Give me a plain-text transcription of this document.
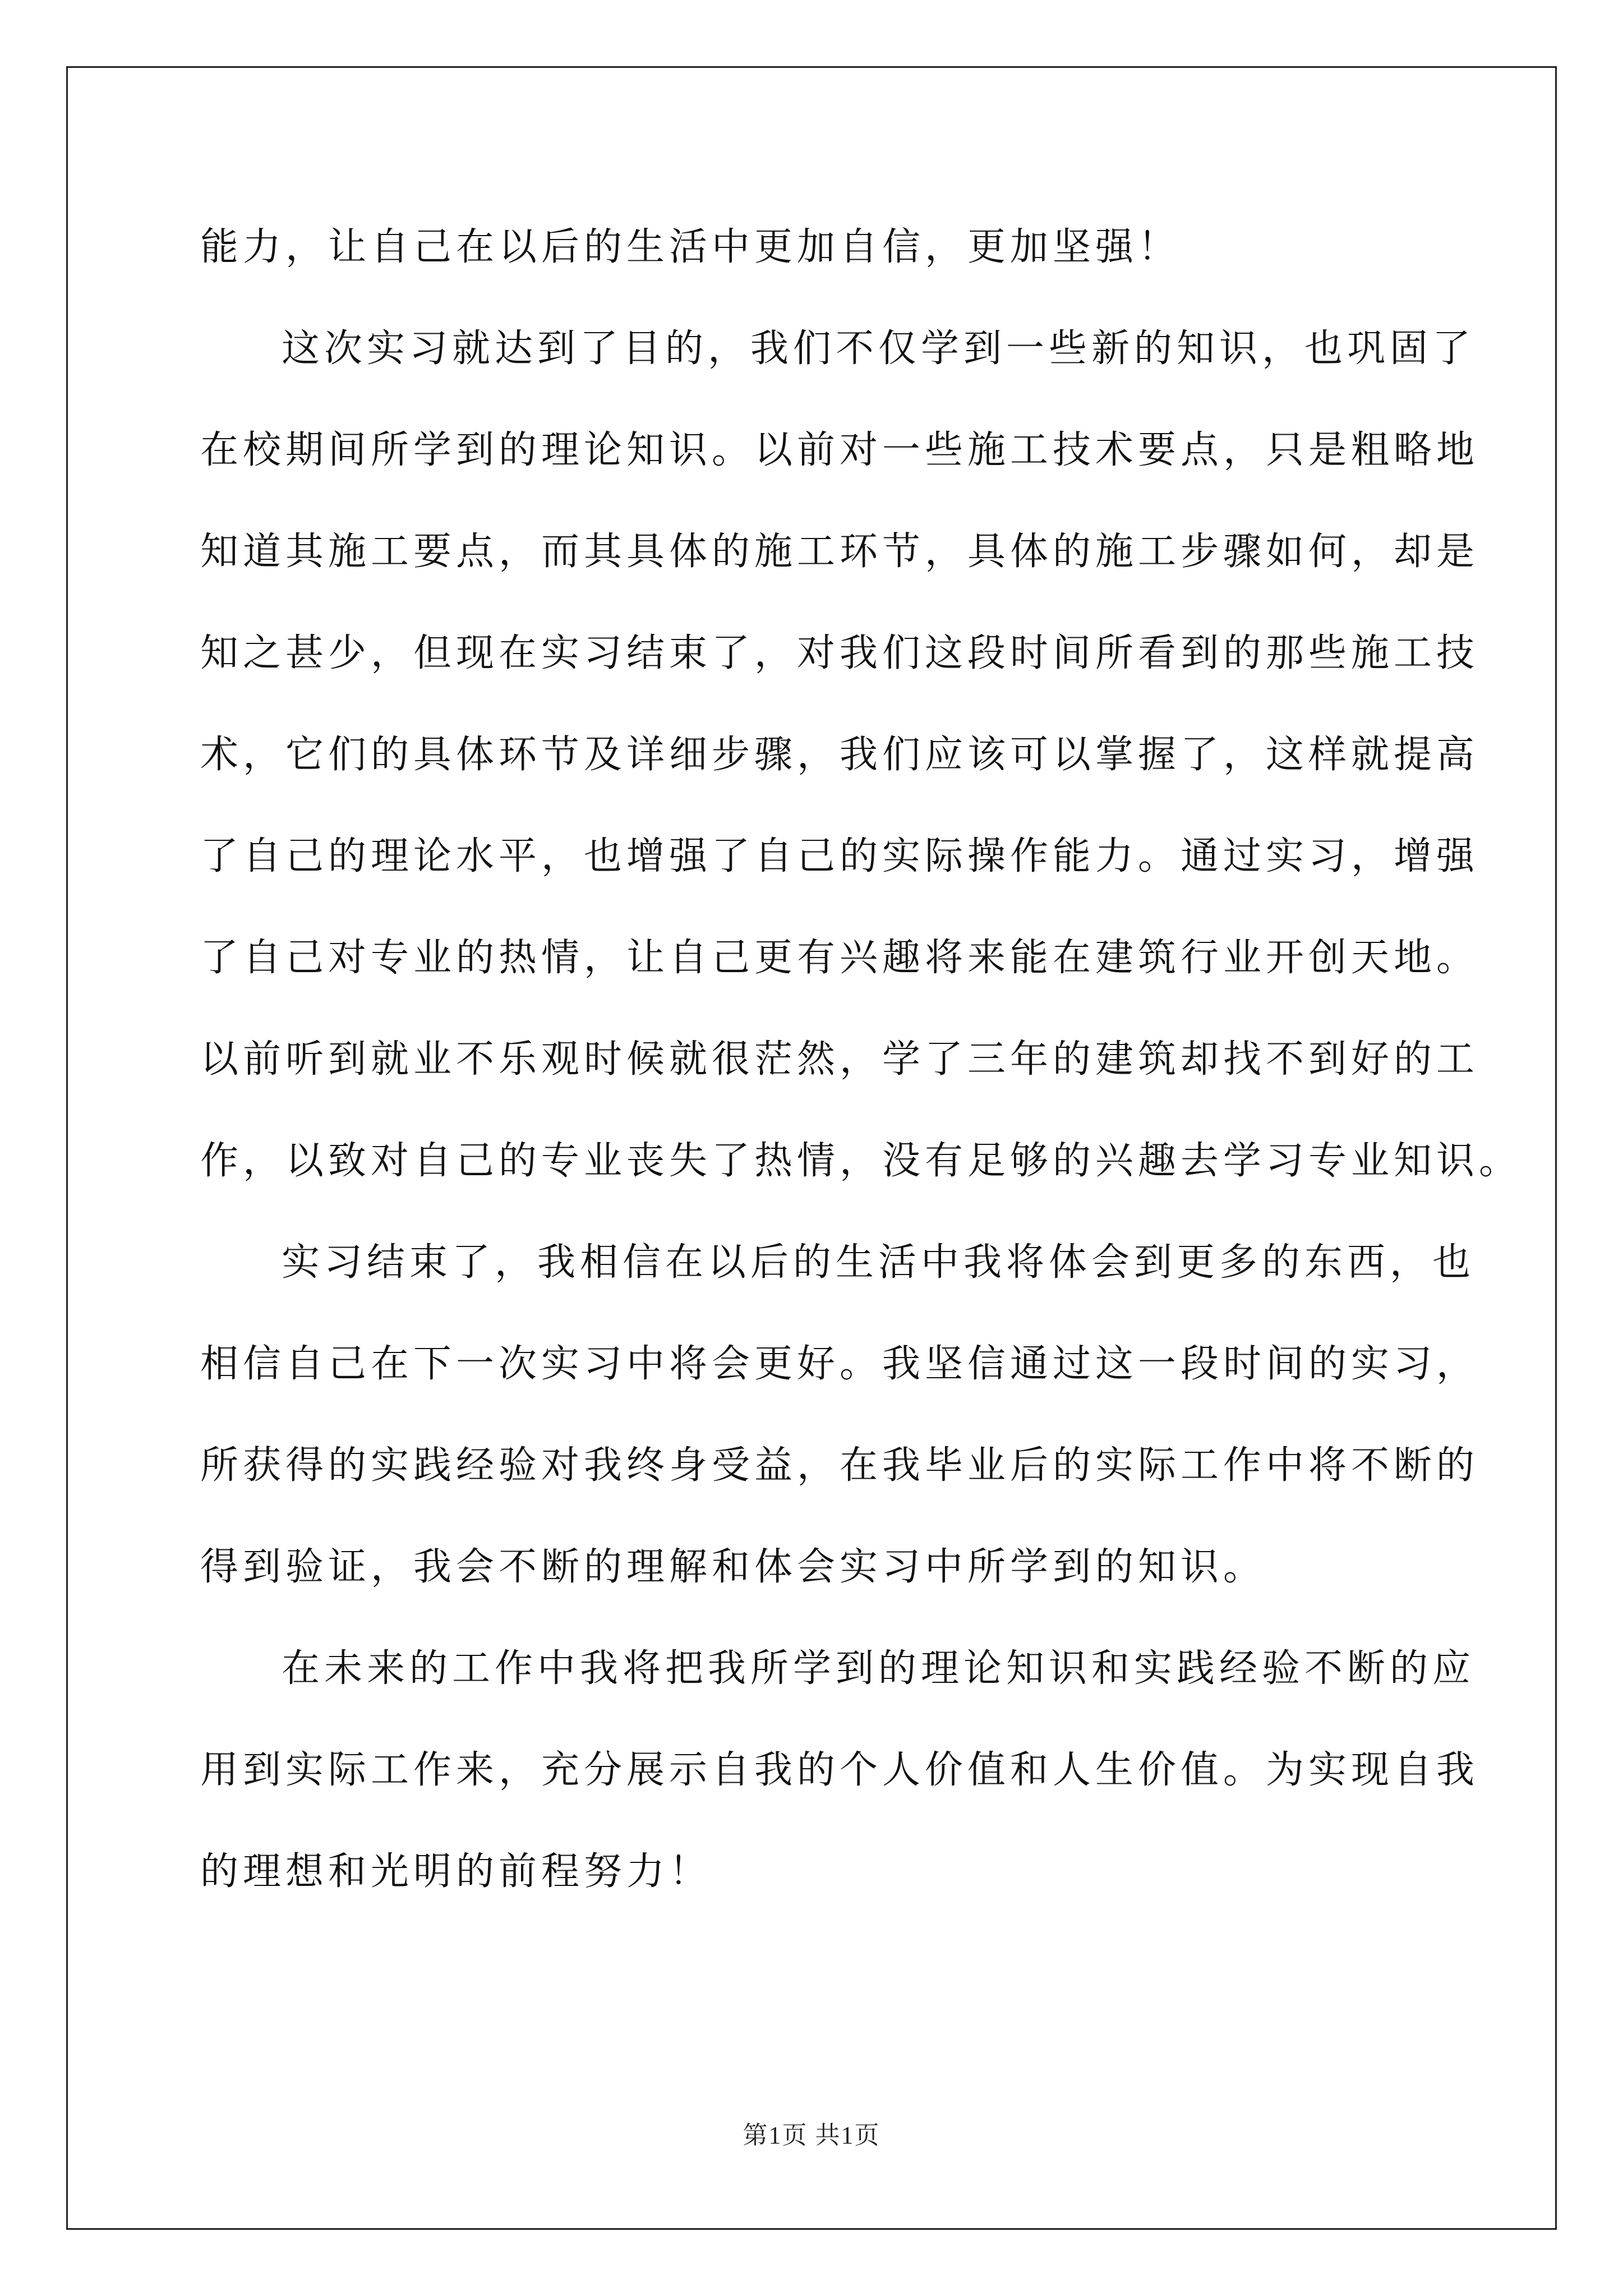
能力，让自己在以后的生活中更加自信，更加坚强！
这次实习就达到了目的，我们不仅学到一些新的知识，也巩固了
在校期间所学到的理论知识。以前对一些施工技术要点，只是粗略地
知道其施工要点，而其具体的施工环节，具体的施工步骤如何，却是
知之甚少，但现在实习结束了，对我们这段时间所看到的那些施工技
术，它们的具体环节及详细步骤，我们应该可以掌握了，这样就提高
了自己的理论水平，也增强了自己的实际操作能力。通过实习，增强
了自己对专业的热情，让自己更有兴趣将来能在建筑行业开创天地。
以前听到就业不乐观时候就很茫然，学了三年的建筑却找不到好的工
作，以致对自己的专业丧失了热情，没有足够的兴趣去学习专业知识。
实习结束了，我相信在以后的生活中我将体会到更多的东西，也
相信自己在下一次实习中将会更好。我坚信通过这一段时间的实习，
所获得的实践经验对我终身受益，在我毕业后的实际工作中将不断的
得到验证，我会不断的理解和体会实习中所学到的知识。
在未来的工作中我将把我所学到的理论知识和实践经验不断的应
用到实际工作来，充分展示自我的个人价值和人生价值。为实现自我
的理想和光明的前程努力！
第1页 共1页
